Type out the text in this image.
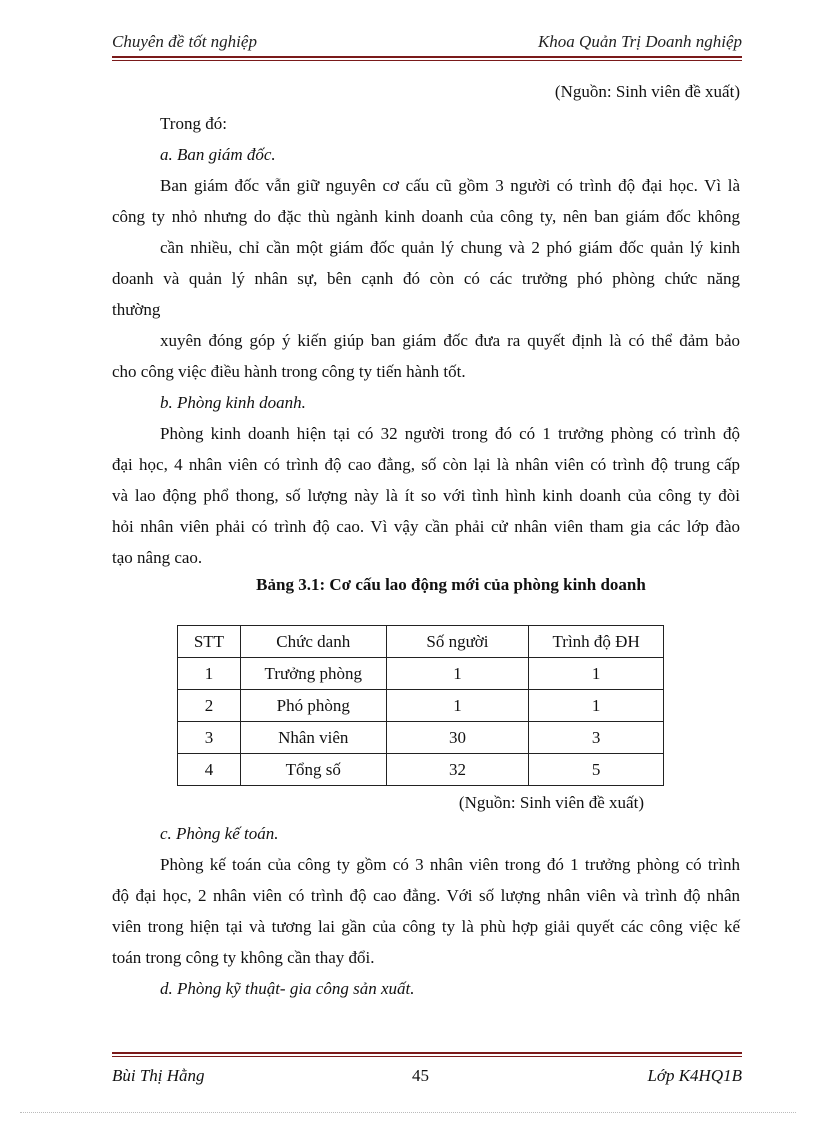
Chuyên đề tốt nghiệp	Khoa Quản Trị Doanh nghiệp
(Nguồn: Sinh viên đề xuất)
Trong đó:
a. Ban giám đốc.
Ban giám đốc vẫn giữ nguyên cơ cấu cũ gồm 3 người có trình độ đại học. Vì là
công ty nhỏ nhưng do đặc thù ngành kinh doanh của công ty, nên ban giám đốc không
cần nhiều, chỉ cần một giám đốc quản lý chung và 2 phó giám đốc quản lý kinh
doanh và quản lý nhân sự, bên cạnh đó còn có các trưởng phó phòng chức năng
thường
xuyên đóng góp ý kiến giúp ban giám đốc đưa ra quyết định là có thể đảm bảo
cho công việc điều hành trong công ty tiến hành tốt.
b. Phòng kinh doanh.
Phòng kinh doanh hiện tại có 32 người trong đó có 1 trưởng phòng có trình độ
đại học, 4 nhân viên có trình độ cao đẳng, số còn lại là nhân viên có trình độ trung cấp
và lao động phổ thong, số lượng này là ít so với tình hình kinh doanh của công ty đòi
hỏi nhân viên phải có trình độ cao. Vì vậy cần phải cử nhân viên tham gia các lớp đào
tạo nâng cao.
Bảng 3.1: Cơ cấu lao động mới của phòng kinh doanh
STT	Chức danh	Số người	Trình độ ĐH
1	Trưởng phòng	1	1
2	Phó phòng	1	1
3	Nhân viên	30	3
4	Tổng số	32	5
(Nguồn: Sinh viên đề xuất)
c. Phòng kế toán.
Phòng kế toán của công ty gồm có 3 nhân viên trong đó 1 trưởng phòng có trình
độ đại học, 2 nhân viên có trình độ cao đẳng. Với số lượng nhân viên và trình độ nhân
viên trong hiện tại và tương lai gần của công ty là phù hợp giải quyết các công việc kế
toán trong công ty không cần thay đổi.
d. Phòng kỹ thuật- gia công sản xuất.
Bùi Thị Hằng	45	Lớp K4HQ1B
